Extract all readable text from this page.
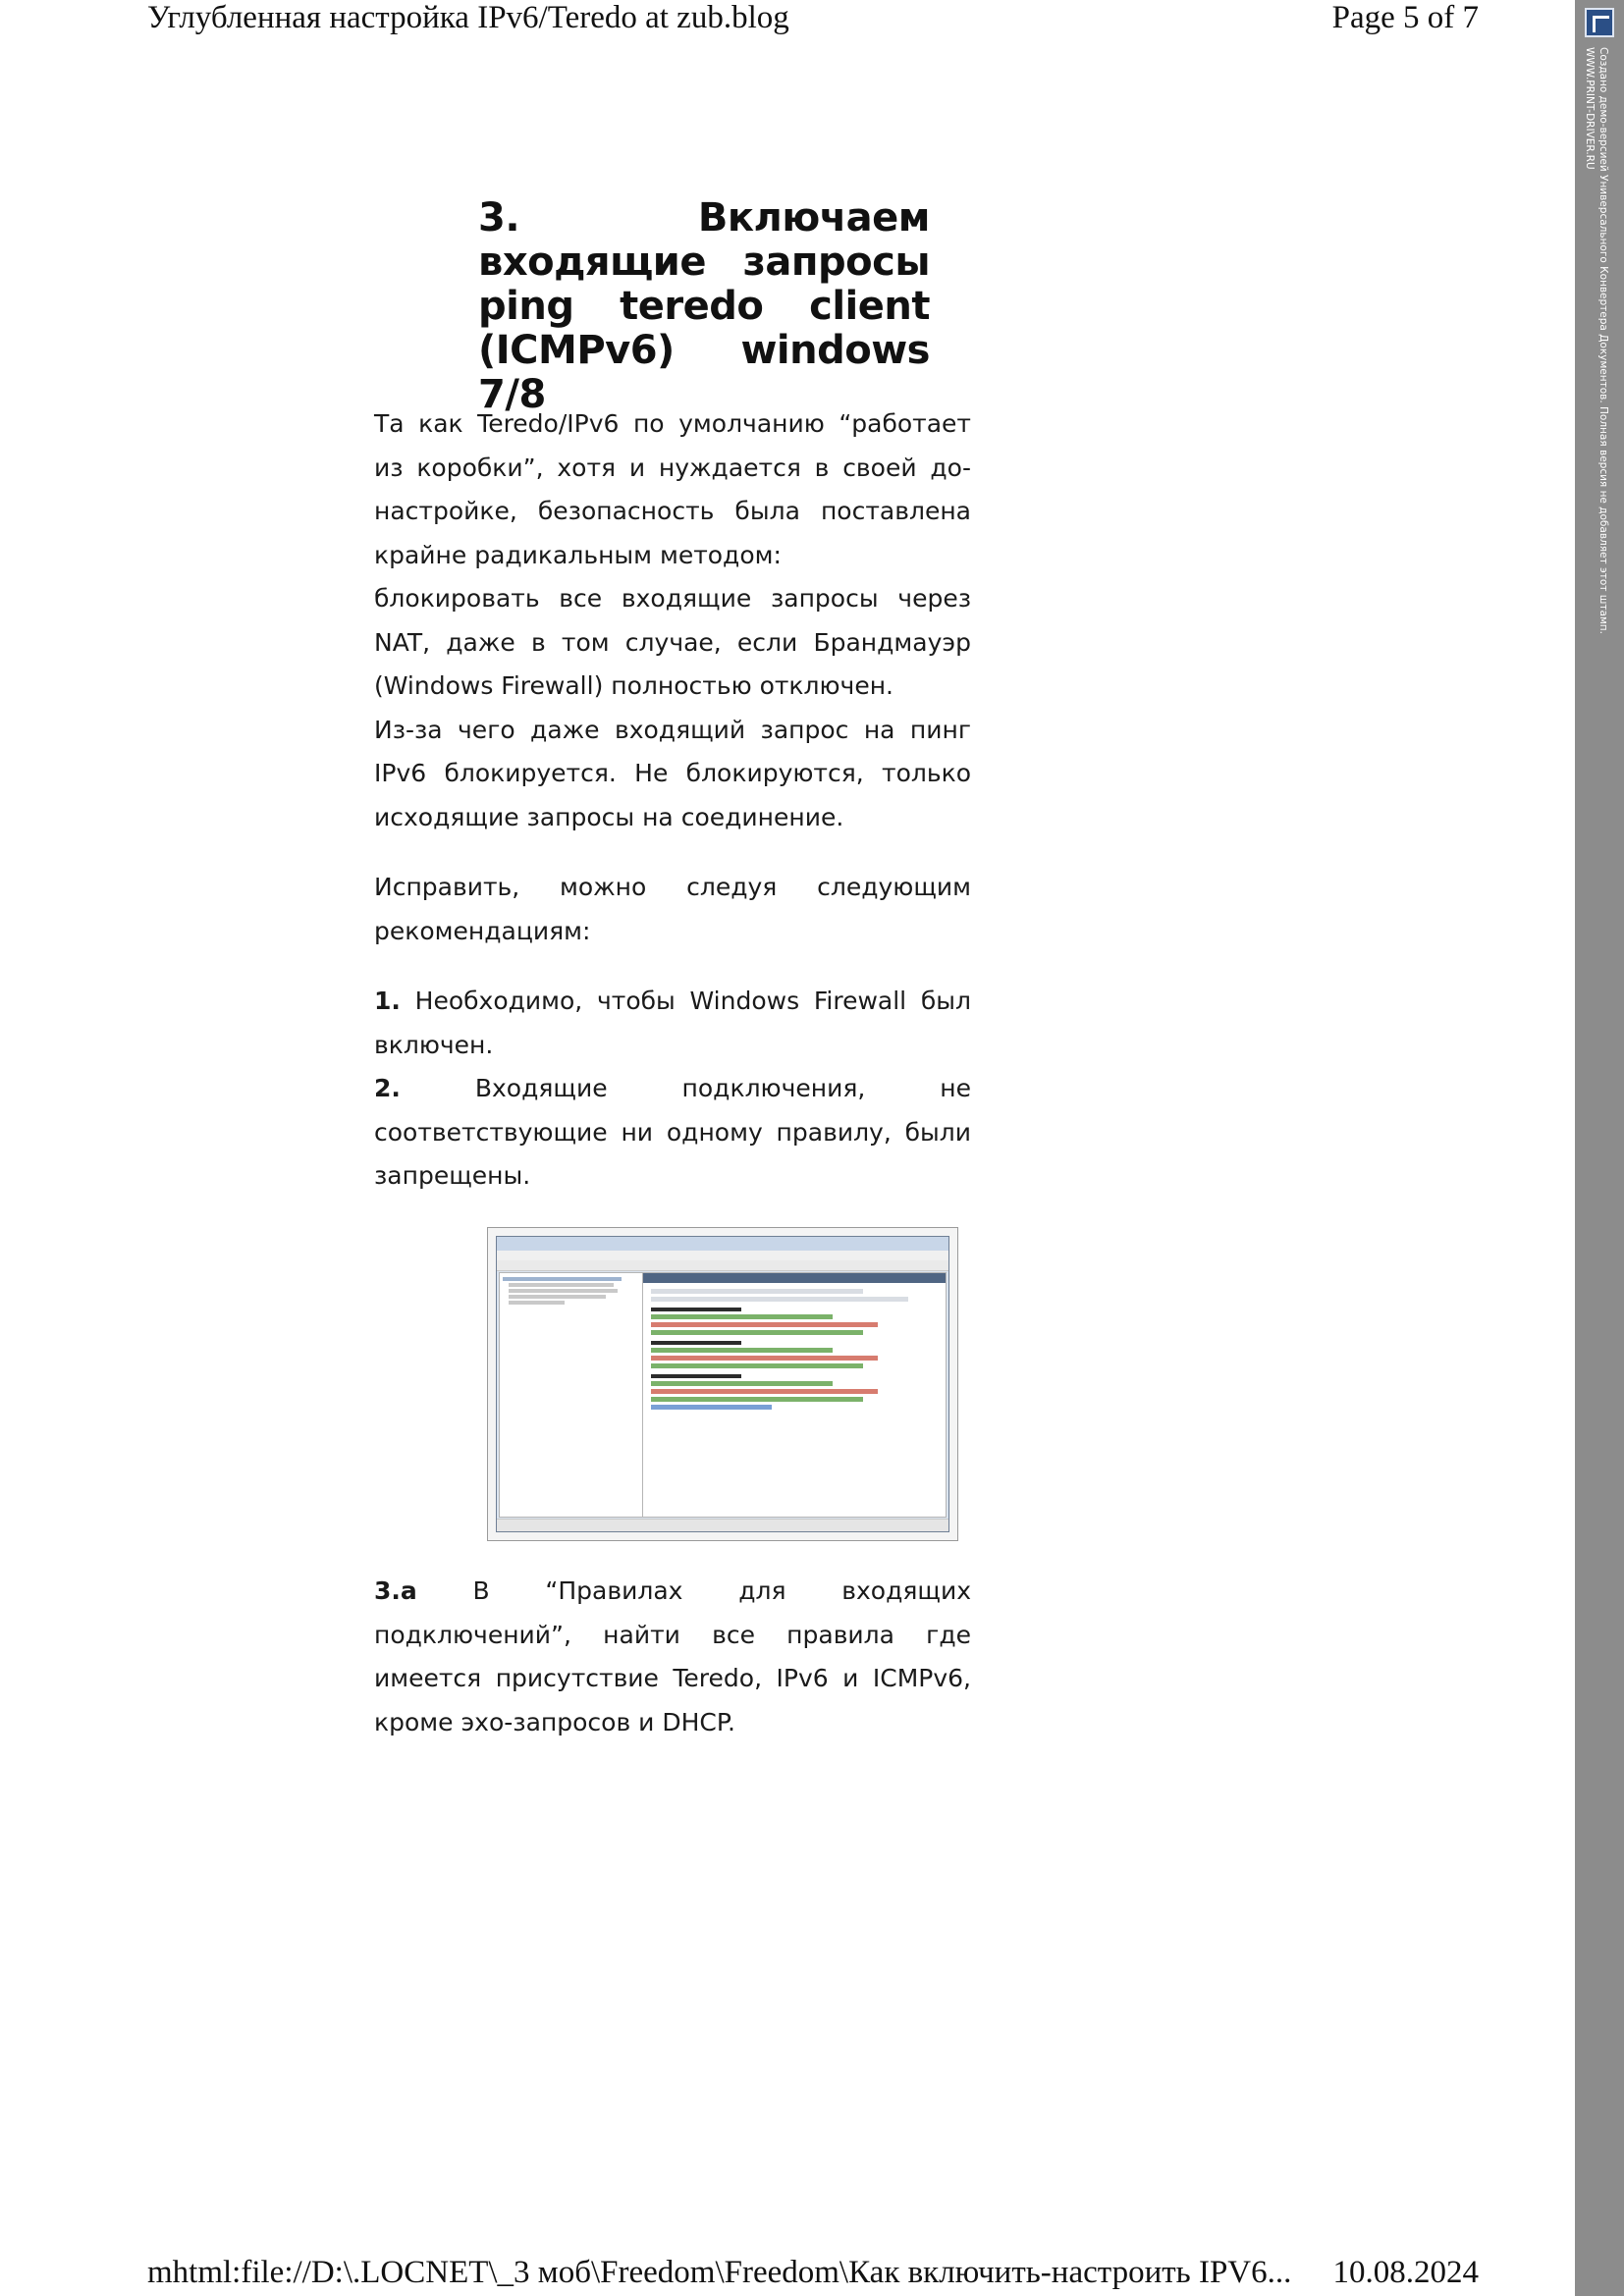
Углубленная настройка IPv6/Teredo at zub.blog	Page 5 of 7
Создано демо-версией Универсального Конвертера Документов. Полная версия не добавляет этот штамп.
WWW.PRINT-DRIVER.RU
3. Включаем входящие запросы ping teredo client (ICMPv6) windows 7/8

Та как Teredo/IPv6 по умолчанию “работает из коробки”, хотя и нуждается в своей до-настройке, безопасность была поставлена крайне радикальным методом:

блокировать все входящие запросы через NAT, даже в том случае, если Брандмауэр (Windows Firewall) полностью отключен.

Из-за чего даже входящий запрос на пинг IPv6 блокируется. Не блокируются, только исходящие запросы на соединение.

Исправить, можно следуя следующим рекомендациям:

1. Необходимо, чтобы Windows Firewall был включен.

2. Входящие подключения, не соответствующие ни одному правилу, были запрещены.

3.a В “Правилах для входящих подключений”, найти все правила где имеется присутствие Teredo, IPv6 и ICMPv6, кроме эхо-запросов и DHCP.

mhtml:file://D:\.LOCNET\_3 моб\Freedom\Freedom\Как включить-настроить IPV6... 10.08.2024
